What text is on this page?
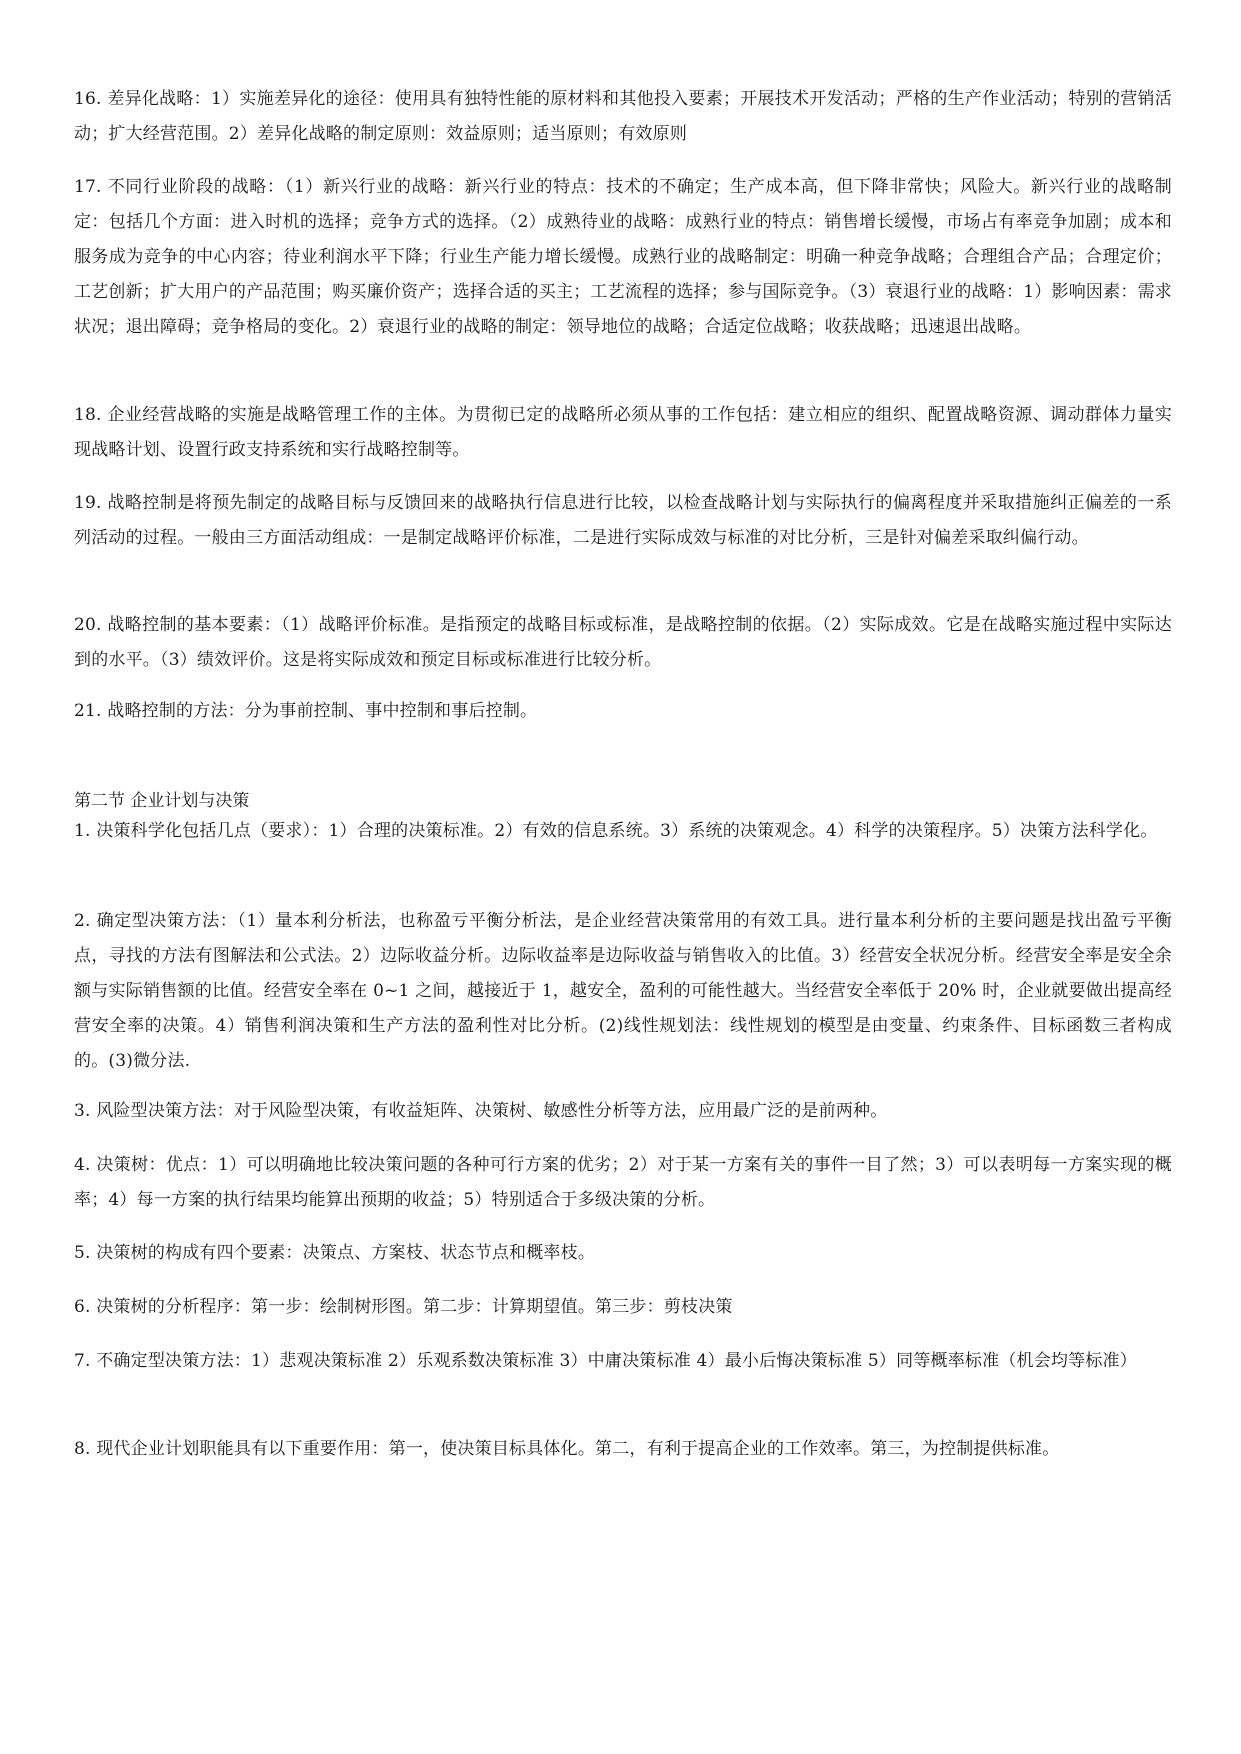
16. 差异化战略：1）实施差异化的途径：使用具有独特性能的原材料和其他投入要素；开展技术开发活动；严格的生产作业活动；特别的营销活动；扩大经营范围。2）差异化战略的制定原则：效益原则；适当原则；有效原则

17. 不同行业阶段的战略：（1）新兴行业的战略：新兴行业的特点：技术的不确定；生产成本高，但下降非常快；风险大。新兴行业的战略制定：包括几个方面：进入时机的选择；竞争方式的选择。（2）成熟待业的战略：成熟行业的特点：销售增长缓慢，市场占有率竞争加剧；成本和服务成为竞争的中心内容；待业利润水平下降；行业生产能力增长缓慢。成熟行业的战略制定：明确一种竞争战略；合理组合产品；合理定价；工艺创新；扩大用户的产品范围；购买廉价资产；选择合适的买主；工艺流程的选择；参与国际竞争。（3）衰退行业的战略：1）影响因素：需求状况；退出障碍；竞争格局的变化。2）衰退行业的战略的制定：领导地位的战略；合适定位战略；收获战略；迅速退出战略。

18. 企业经营战略的实施是战略管理工作的主体。为贯彻已定的战略所必须从事的工作包括：建立相应的组织、配置战略资源、调动群体力量实现战略计划、设置行政支持系统和实行战略控制等。

19. 战略控制是将预先制定的战略目标与反馈回来的战略执行信息进行比较，以检查战略计划与实际执行的偏离程度并采取措施纠正偏差的一系列活动的过程。一般由三方面活动组成：一是制定战略评价标准，二是进行实际成效与标准的对比分析，三是针对偏差采取纠偏行动。

20. 战略控制的基本要素：（1）战略评价标准。是指预定的战略目标或标准，是战略控制的依据。（2）实际成效。它是在战略实施过程中实际达到的水平。（3）绩效评价。这是将实际成效和预定目标或标准进行比较分析。

21. 战略控制的方法：分为事前控制、事中控制和事后控制。

第二节 企业计划与决策

1. 决策科学化包括几点（要求）：1）合理的决策标准。2）有效的信息系统。3）系统的决策观念。4）科学的决策程序。5）决策方法科学化。

2. 确定型决策方法：（1）量本利分析法，也称盈亏平衡分析法，是企业经营决策常用的有效工具。进行量本利分析的主要问题是找出盈亏平衡点，寻找的方法有图解法和公式法。2）边际收益分析。边际收益率是边际收益与销售收入的比值。3）经营安全状况分析。经营安全率是安全余额与实际销售额的比值。经营安全率在 0~1 之间，越接近于 1，越安全，盈利的可能性越大。当经营安全率低于 20% 时，企业就要做出提高经营安全率的决策。4）销售利润决策和生产方法的盈利性对比分析。(2)线性规划法：线性规划的模型是由变量、约束条件、目标函数三者构成的。(3)微分法.

3. 风险型决策方法：对于风险型决策，有收益矩阵、决策树、敏感性分析等方法，应用最广泛的是前两种。

4. 决策树：优点：1）可以明确地比较决策问题的各种可行方案的优劣；2）对于某一方案有关的事件一目了然；3）可以表明每一方案实现的概率；4）每一方案的执行结果均能算出预期的收益；5）特别适合于多级决策的分析。

5. 决策树的构成有四个要素：决策点、方案枝、状态节点和概率枝。

6. 决策树的分析程序：第一步：绘制树形图。第二步：计算期望值。第三步：剪枝决策

7. 不确定型决策方法：1）悲观决策标准 2）乐观系数决策标准 3）中庸决策标准 4）最小后悔决策标准 5）同等概率标准（机会均等标准）

8. 现代企业计划职能具有以下重要作用：第一，使决策目标具体化。第二，有利于提高企业的工作效率。第三，为控制提供标准。
